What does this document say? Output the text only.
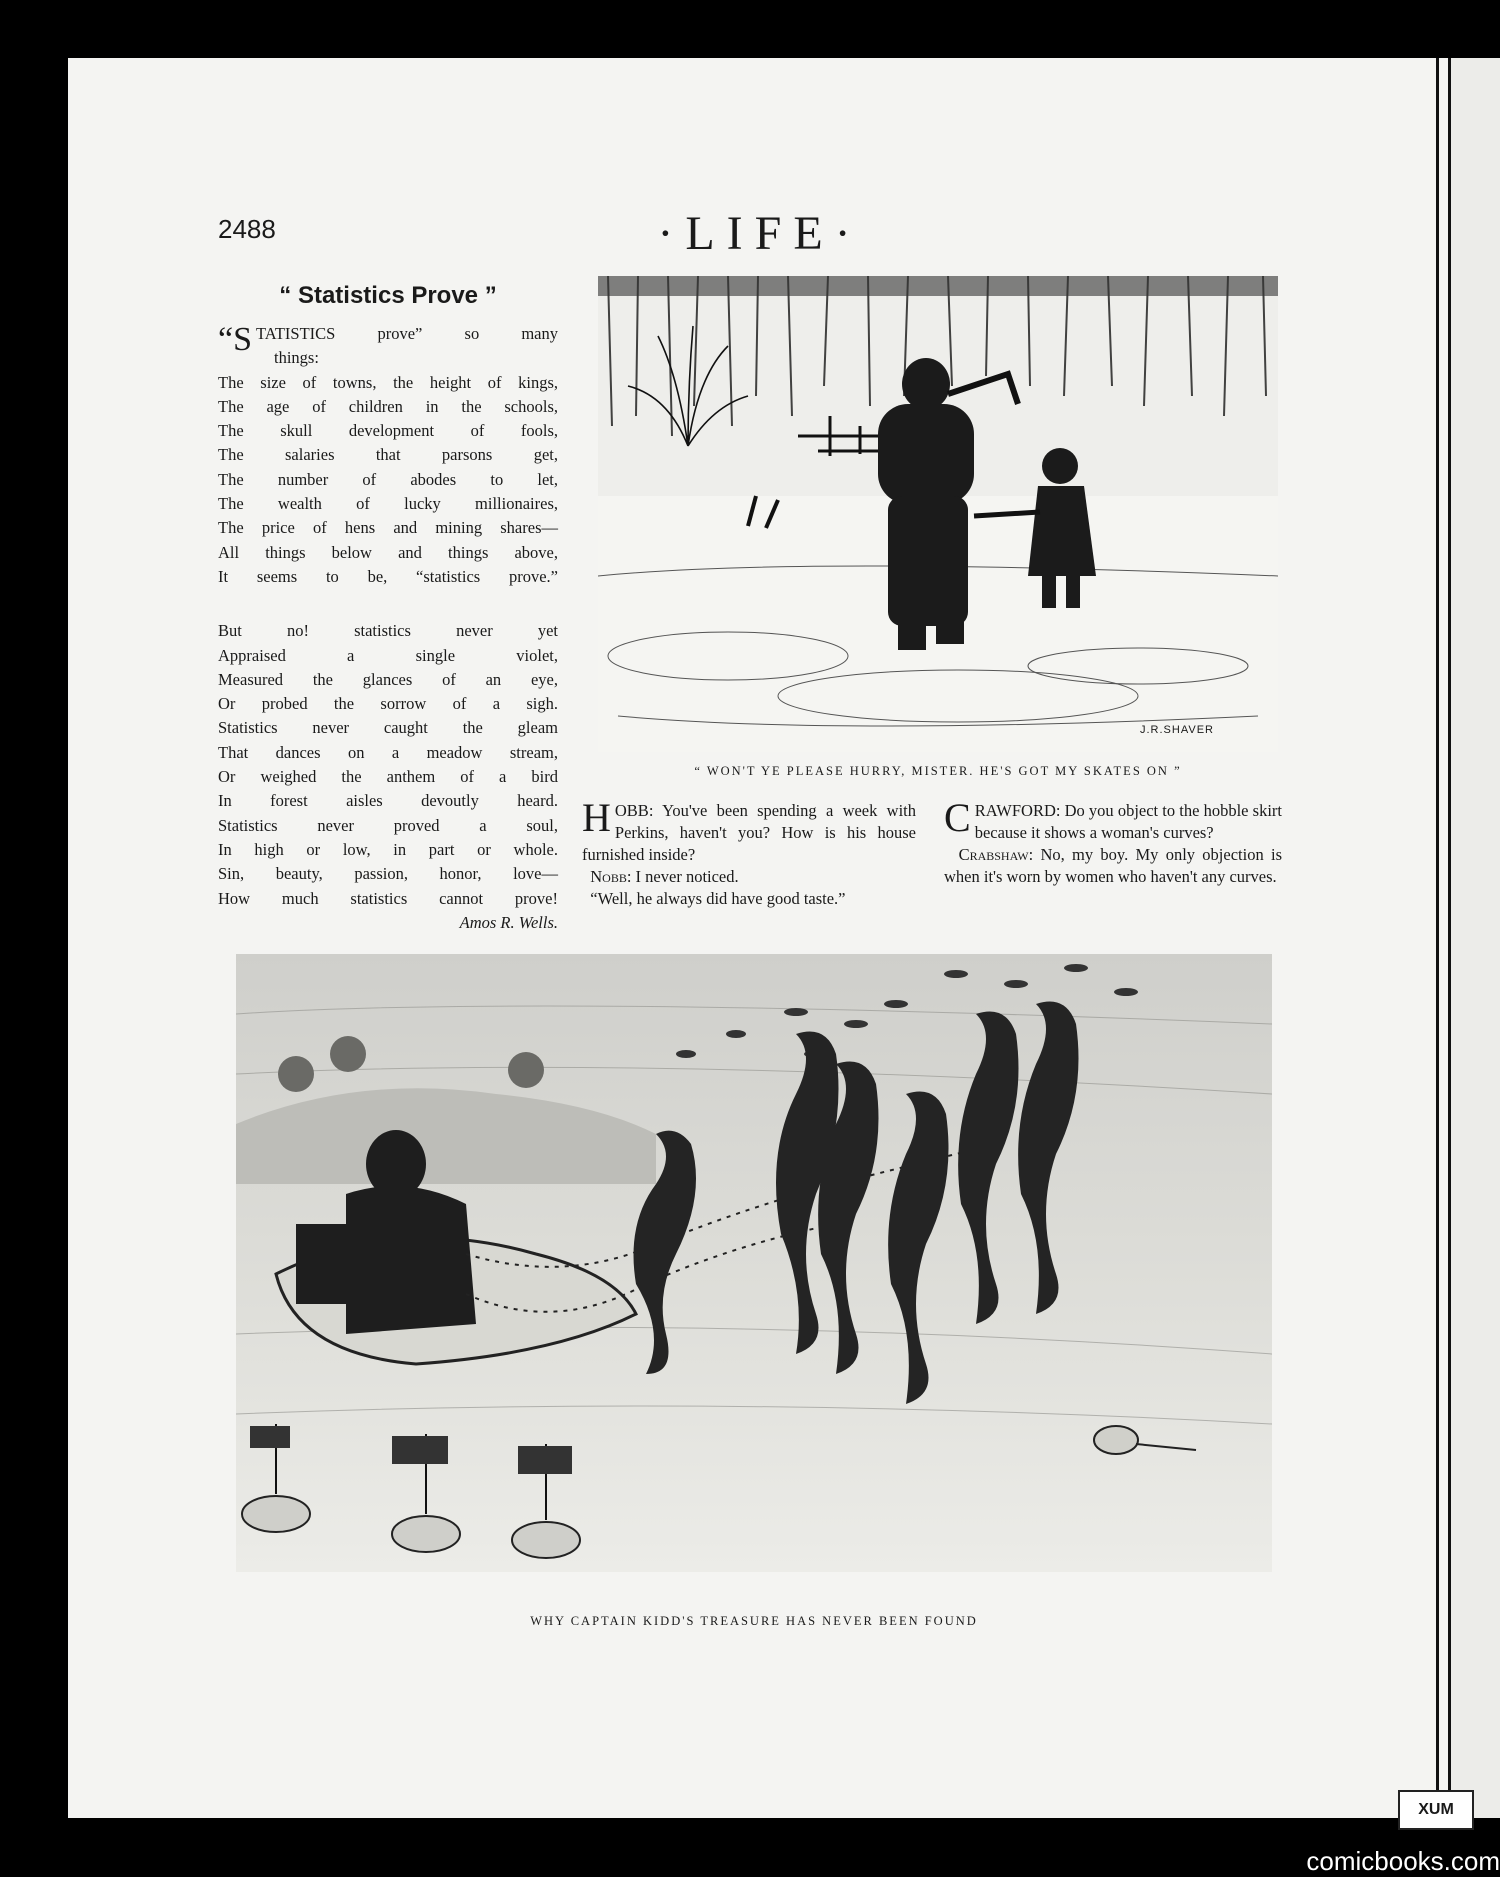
2488	·LIFE·
“ Statistics Prove ”
“STATISTICS prove” so many
things:
The size of towns, the height of kings,
The age of children in the schools,
The skull development of fools,
The salaries that parsons get,
The number of abodes to let,
The wealth of lucky millionaires,
The price of hens and mining shares—
All things below and things above,
It seems to be, “statistics prove.”
But no! statistics never yet
Appraised a single violet,
Measured the glances of an eye,
Or probed the sorrow of a sigh.
Statistics never caught the gleam
That dances on a meadow stream,
Or weighed the anthem of a bird
In forest aisles devoutly heard.
Statistics never proved a soul,
In high or low, in part or whole.
Sin, beauty, passion, honor, love—
How much statistics cannot prove!
Amos R. Wells.
J.R.SHAVER
“ WON'T YE PLEASE HURRY, MISTER. HE'S GOT MY SKATES ON ”
HOBB: You've been spending a week with Perkins, haven't you? How is his house furnished inside?
Nobb: I never noticed.
“Well, he always did have good taste.”
CRAWFORD: Do you object to the hobble skirt because it shows a woman's curves?
Crabshaw: No, my boy. My only objection is when it's worn by women who haven't any curves.
WHY CAPTAIN KIDD'S TREASURE HAS NEVER BEEN FOUND
XUM
comicbooks.com
